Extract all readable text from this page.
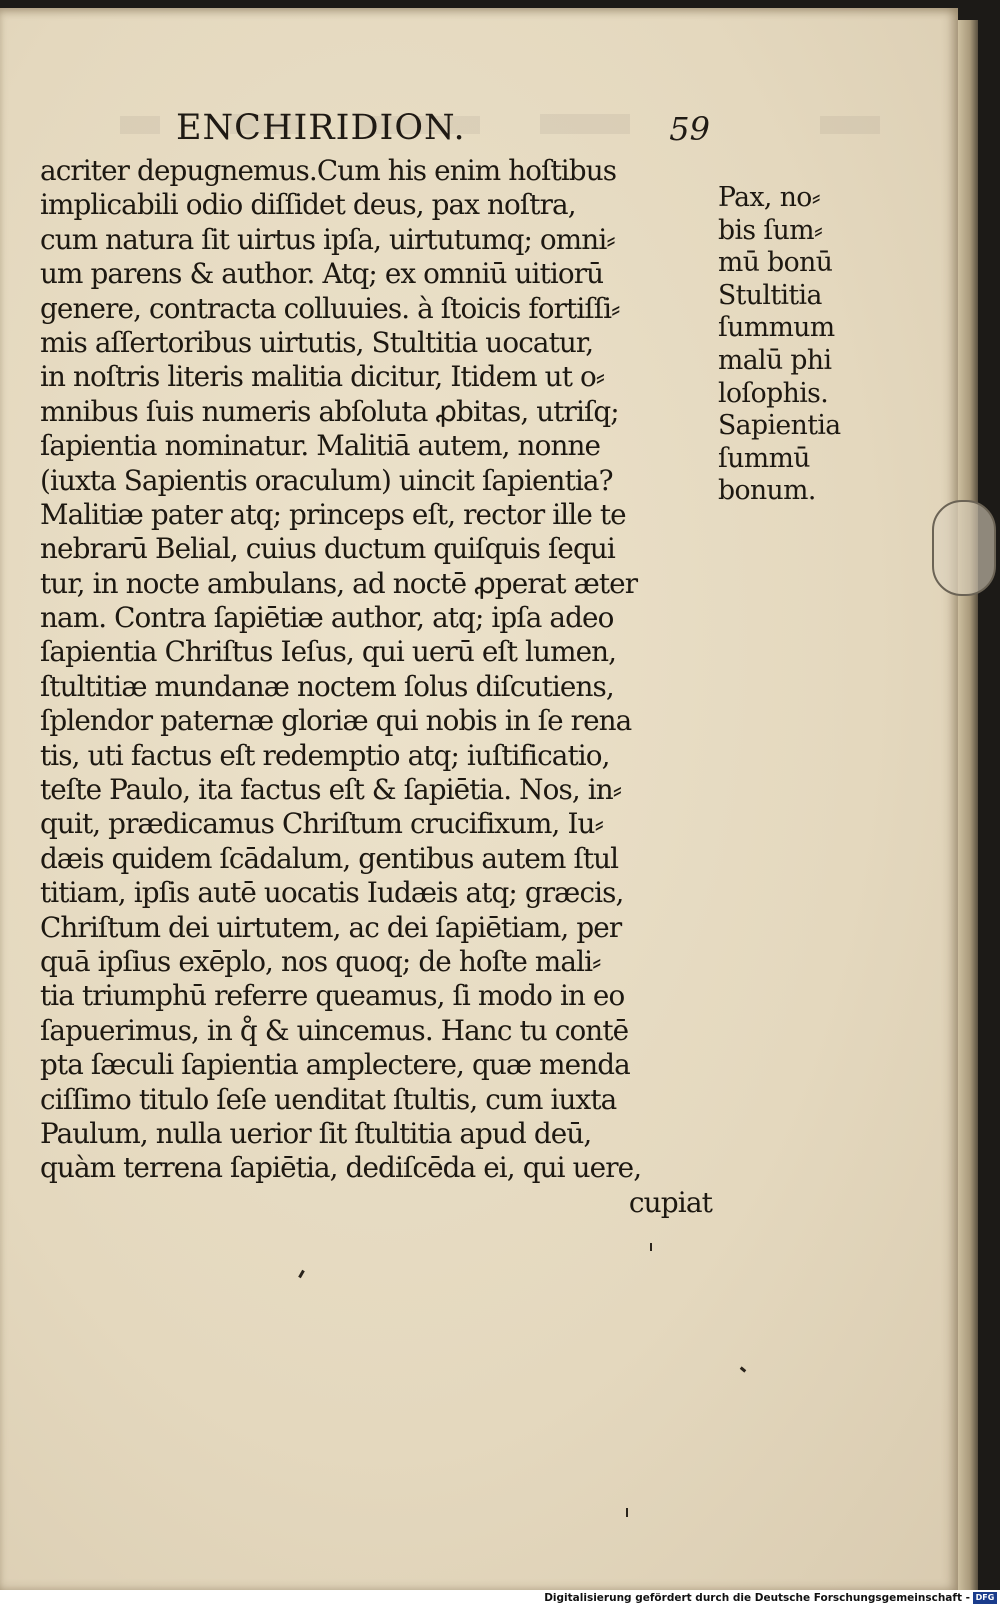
ENCHIRIDION.	59
acriter depugnemus.Cum his enim hoſtibus
implicabili odio diſſidet deus, pax noſtra,
cum natura ſit uirtus ipſa, uirtutumq; omni⸗
um parens & author. Atq; ex omniū uitiorū
genere, contracta colluuies. à ſtoicis fortiſſi⸗
mis aſſertoribus uirtutis, Stultitia uocatur,
in noſtris literis malitia dicitur, Itidem ut o⸗
mnibus ſuis numeris abſoluta ꝓbitas, utriſq;
ſapientia nominatur. Malitiā autem, nonne
(iuxta Sapientis oraculum) uincit ſapientia?
Malitiæ pater atq; princeps eſt, rector ille te
nebrarū Belial, cuius ductum quiſquis ſequi
tur, in nocte ambulans, ad noctē ꝓperat æter
nam. Contra ſapiētiæ author, atq; ipſa adeo
ſapientia Chriſtus Ieſus, qui uerū eſt lumen,
ſtultitiæ mundanæ noctem ſolus diſcutiens,
ſplendor paternæ gloriæ qui nobis in ſe rena
tis, uti factus eſt redemptio atq; iuſtificatio,
teſte Paulo, ita factus eſt & ſapiētia. Nos, in⸗
quit, prædicamus Chriſtum crucifixum, Iu⸗
dæis quidem ſcādalum, gentibus autem ſtul
titiam, ipſis autē uocatis Iudæis atq; græcis,
Chriſtum dei uirtutem, ac dei ſapiētiam, per
quā ipſius exēplo, nos quoq; de hoſte mali⸗
tia triumphū referre queamus, ſi modo in eo
ſapuerimus, in q̊ & uincemus. Hanc tu contē
pta ſæculi ſapientia amplectere, quæ menda
ciſſimo titulo ſeſe uenditat ſtultis, cum iuxta
Paulum, nulla uerior ſit ſtultitia apud deū,
quàm terrena ſapiētia, dediſcēda ei, qui uere,
cupiat
Pax, no⸗
bis ſum⸗
mū bonū
Stultitia
ſummum
malū phi
loſophis.
Sapientia
ſummū
bonum.
Digitalisierung gefördert durch die Deutsche Forschungsgemeinschaft - DFG
